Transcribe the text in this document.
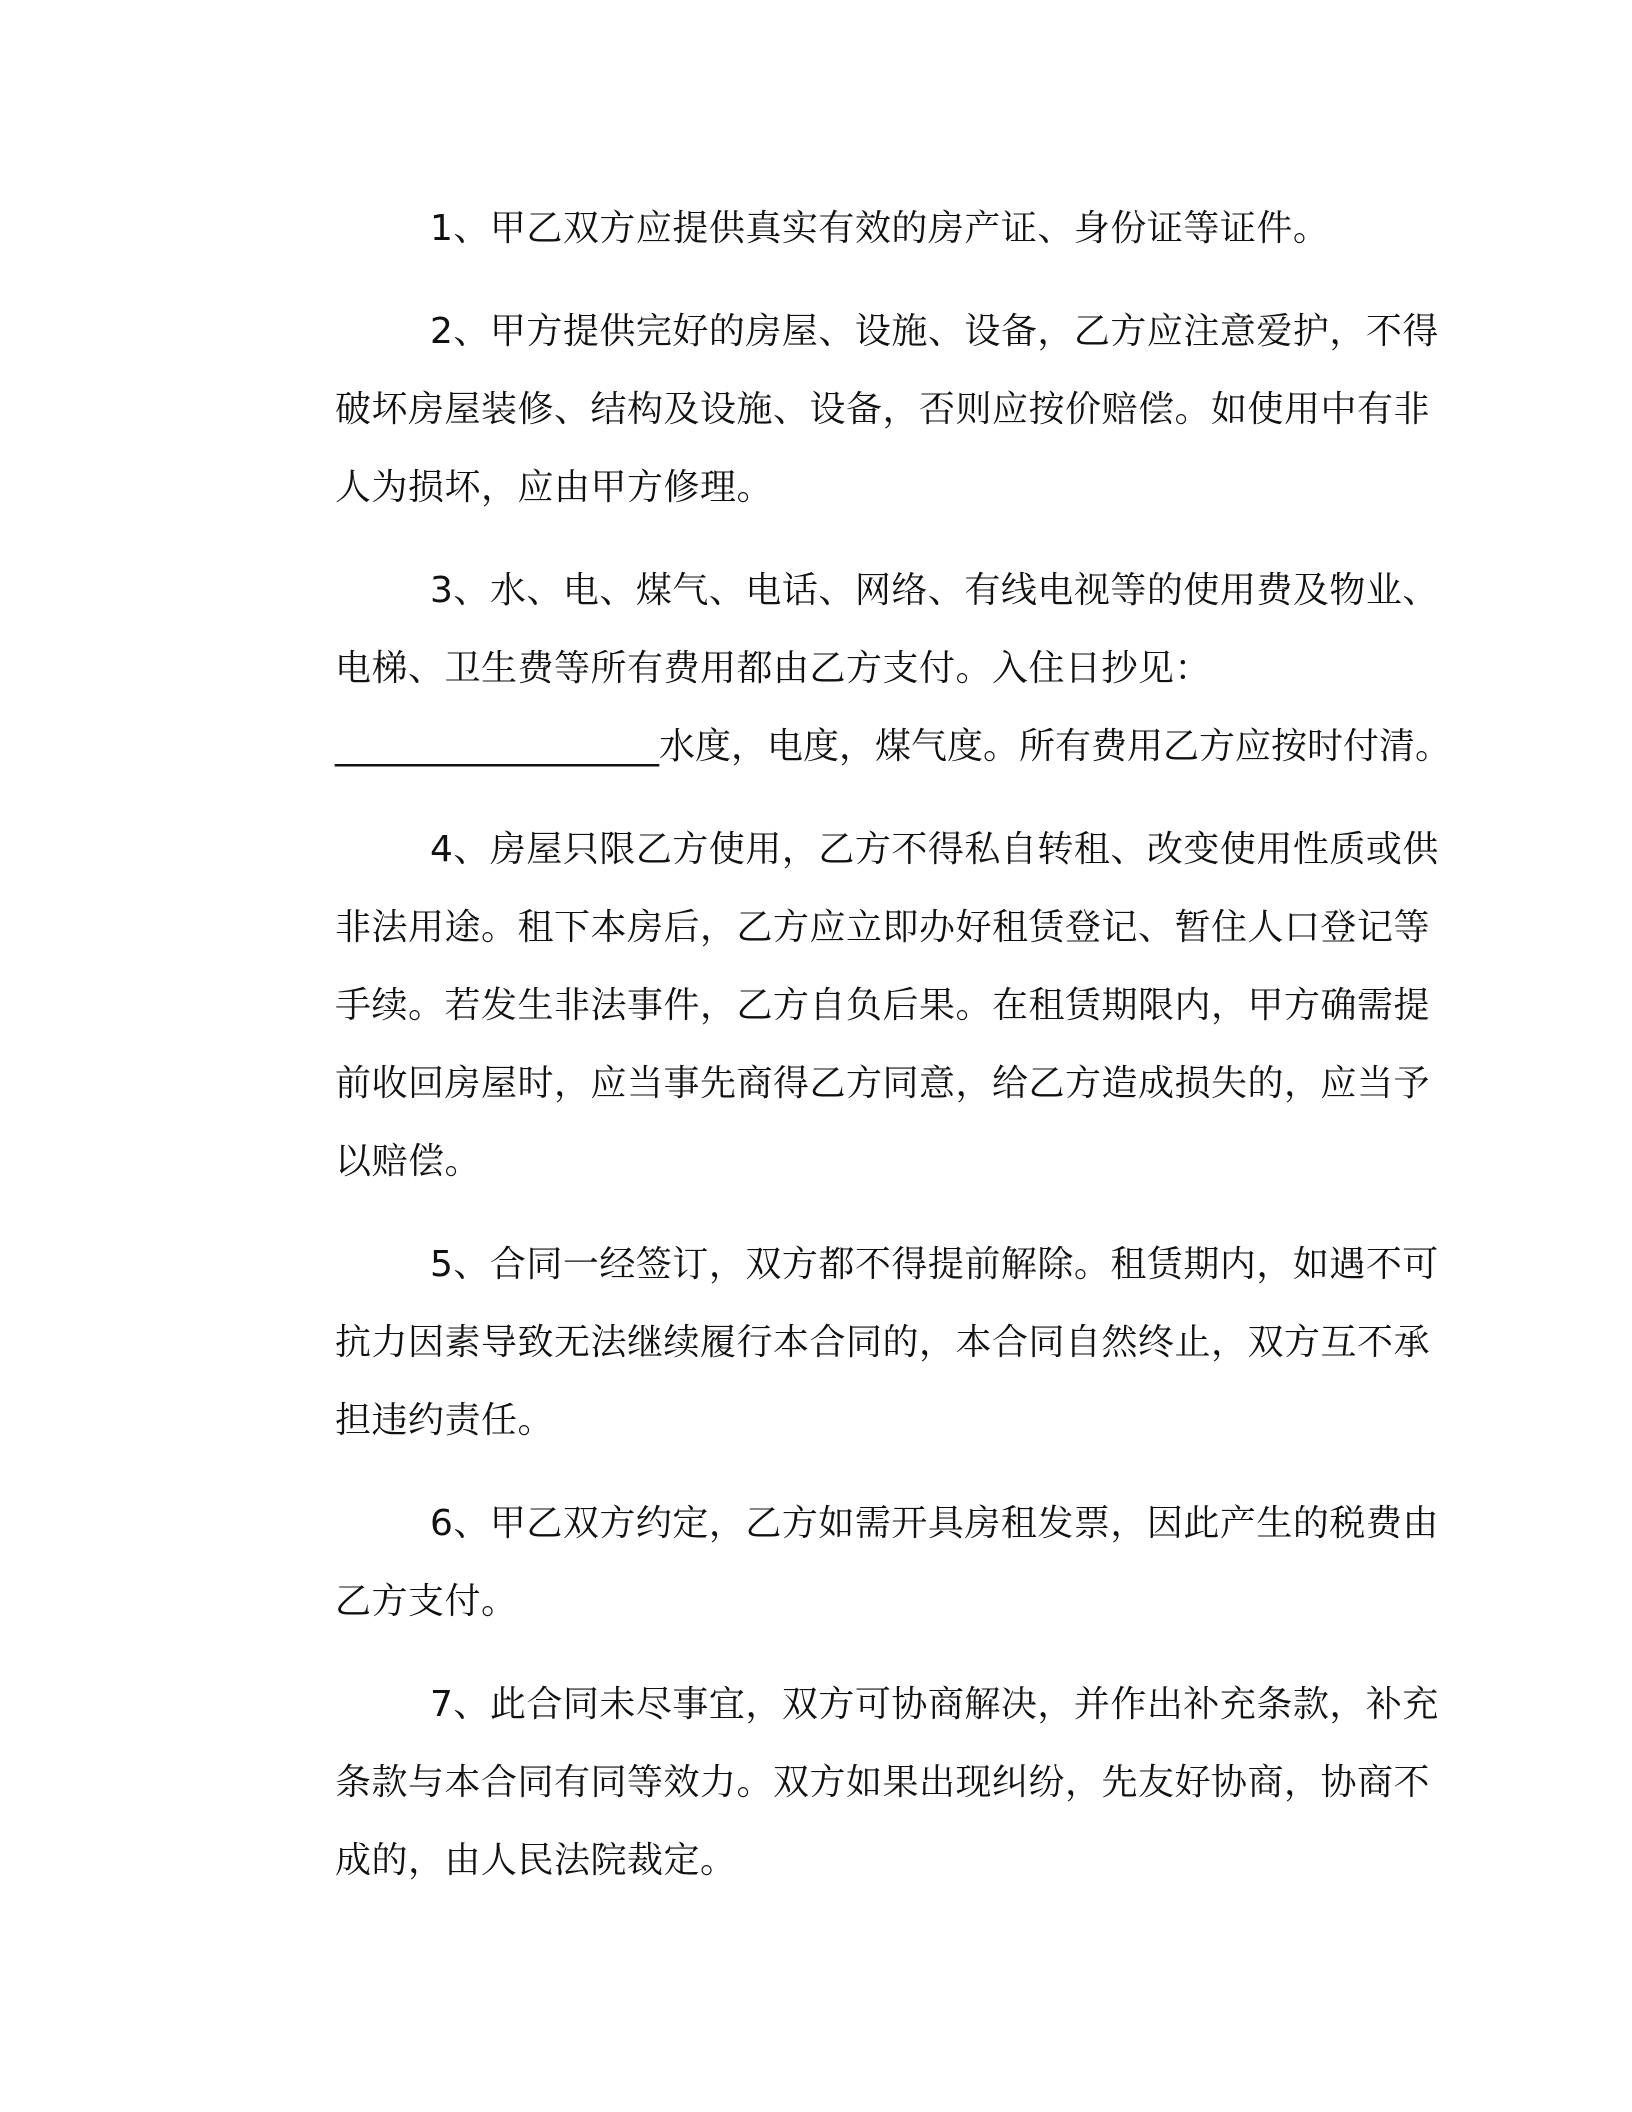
1、甲乙双方应提供真实有效的房产证、身份证等证件。
2、甲方提供完好的房屋、设施、设备，乙方应注意爱护，不得
破坏房屋装修、结构及设施、设备，否则应按价赔偿。如使用中有非
人为损坏，应由甲方修理。
3、水、电、煤气、电话、网络、有线电视等的使用费及物业、
电梯、卫生费等所有费用都由乙方支付。入住日抄见：
__________________水度，电度，煤气度。所有费用乙方应按时付清。
4、房屋只限乙方使用，乙方不得私自转租、改变使用性质或供
非法用途。租下本房后，乙方应立即办好租赁登记、暂住人口登记等
手续。若发生非法事件，乙方自负后果。在租赁期限内，甲方确需提
前收回房屋时，应当事先商得乙方同意，给乙方造成损失的，应当予
以赔偿。
5、合同一经签订，双方都不得提前解除。租赁期内，如遇不可
抗力因素导致无法继续履行本合同的，本合同自然终止，双方互不承
担违约责任。
6、甲乙双方约定，乙方如需开具房租发票，因此产生的税费由
乙方支付。
7、此合同未尽事宜，双方可协商解决，并作出补充条款，补充
条款与本合同有同等效力。双方如果出现纠纷，先友好协商，协商不
成的，由人民法院裁定。
